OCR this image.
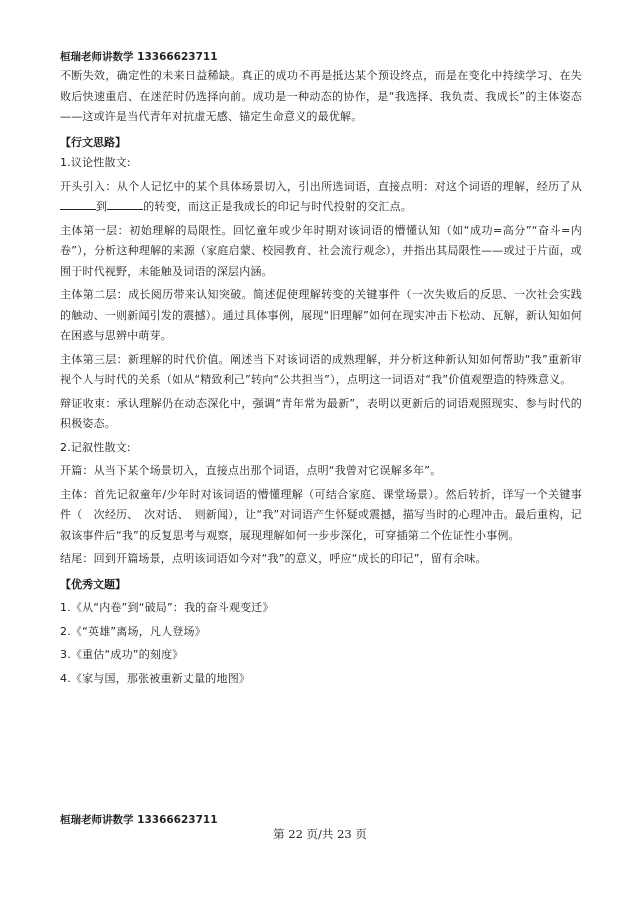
桓瑞老师讲数学 13366623711

不断失效，确定性的未来日益稀缺。真正的成功不再是抵达某个预设终点，而是在变化中持续学习、在失败后快速重启、在迷茫时仍选择向前。成功是一种动态的协作，是“我选择、我负责、我成长”的主体姿态——这或许是当代青年对抗虚无感、锚定生命意义的最优解。

【行文思路】

1.议论性散文:

开头引入：从个人记忆中的某个具体场景切入，引出所选词语，直接点明：对这个词语的理解，经历了从到	的转变，而这正是我成长的印记与时代投射的交汇点。

主体第一层：初始理解的局限性。回忆童年或少年时期对该词语的懵懂认知（如“成功=高分”“奋斗=内卷”），分析这种理解的来源（家庭启蒙、校园教育、社会流行观念），并指出其局限性——或过于片面，或囿于时代视野，未能触及词语的深层内涵。

主体第二层：成长阅历带来认知突破。简述促使理解转变的关键事件（一次失败后的反思、一次社会实践的触动、一则新闻引发的震撼）。通过具体事例，展现“旧理解”如何在现实冲击下松动、瓦解，新认知如何在困惑与思辨中萌芽。

主体第三层：新理解的时代价值。阐述当下对该词语的成熟理解，并分析这种新认知如何帮助“我”重新审视个人与时代的关系（如从“精致利己”转向“公共担当”），点明这一词语对“我”价值观塑造的特殊意义。

辩证收束：承认理解仍在动态深化中，强调“青年常为最新”，表明以更新后的词语观照现实、参与时代的积极姿态。

2.记叙性散文:

开篇：从当下某个场景切入，直接点出那个词语，点明“我曾对它误解多年”。

主体：首先记叙童年/少年时对该词语的懵懂理解（可结合家庭、课堂场景）。然后转折，详写一个关键事件（　次经历、　次对话、　则新闻），让“我”对词语产生怀疑或震撼，描写当时的心理冲击。最后重构，记叙该事件后“我”的反复思考与观察，展现理解如何一步步深化，可穿插第二个佐证性小事例。

结尾：回到开篇场景，点明该词语如今对“我”的意义，呼应“成长的印记”，留有余味。

【优秀文题】

1.《从“内卷”到“破局”：我的奋斗观变迁》

2.《“英雄”离场，凡人登场》

3.《重估“成功”的刻度》

4.《家与国，那张被重新丈量的地图》

桓瑞老师讲数学 13366623711
第 22 页/共 23 页
